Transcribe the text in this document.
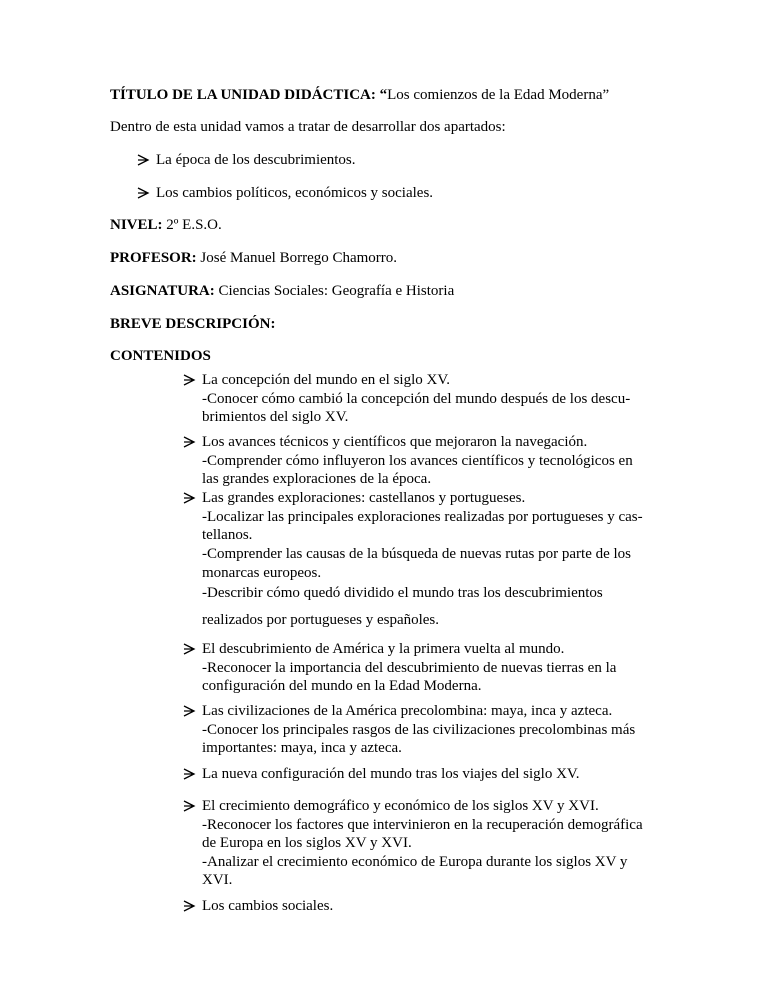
TÍTULO DE LA UNIDAD DIDÁCTICA: “Los comienzos de la Edad Moderna”

Dentro de esta unidad vamos a tratar de desarrollar dos apartados:

La época de los descubrimientos.
Los cambios políticos, económicos y sociales.

NIVEL: 2º E.S.O.

PROFESOR: José Manuel Borrego Chamorro.

ASIGNATURA: Ciencias Sociales: Geografía e Historia

BREVE DESCRIPCIÓN:

CONTENIDOS

La concepción del mundo en el siglo XV.
-Conocer cómo cambió la concepción del mundo después de los descu-
brimientos del siglo XV.
Los avances técnicos y científicos que mejoraron la navegación.
-Comprender cómo influyeron los avances científicos y tecnológicos en
las grandes exploraciones de la época.
Las grandes exploraciones: castellanos y portugueses.
-Localizar las principales exploraciones realizadas por portugueses y cas-
tellanos.
-Comprender las causas de la búsqueda de nuevas rutas por parte de los
monarcas europeos.

-Describir cómo quedó dividido el mundo tras los descubrimientos

realizados por portugueses y españoles.

El descubrimiento de América y la primera vuelta al mundo.
-Reconocer la importancia del descubrimiento de nuevas tierras en la
configuración del mundo en la Edad Moderna.
Las civilizaciones de la América precolombina: maya, inca y azteca.
-Conocer los principales rasgos de las civilizaciones precolombinas más
importantes: maya, inca y azteca.
La nueva configuración del mundo tras los viajes del siglo XV.
El crecimiento demográfico y económico de los siglos XV y XVI.
-Reconocer los factores que intervinieron en la recuperación demográfica
de Europa en los siglos XV y XVI.
-Analizar el crecimiento económico de Europa durante los siglos XV y
XVI.
Los cambios sociales.
